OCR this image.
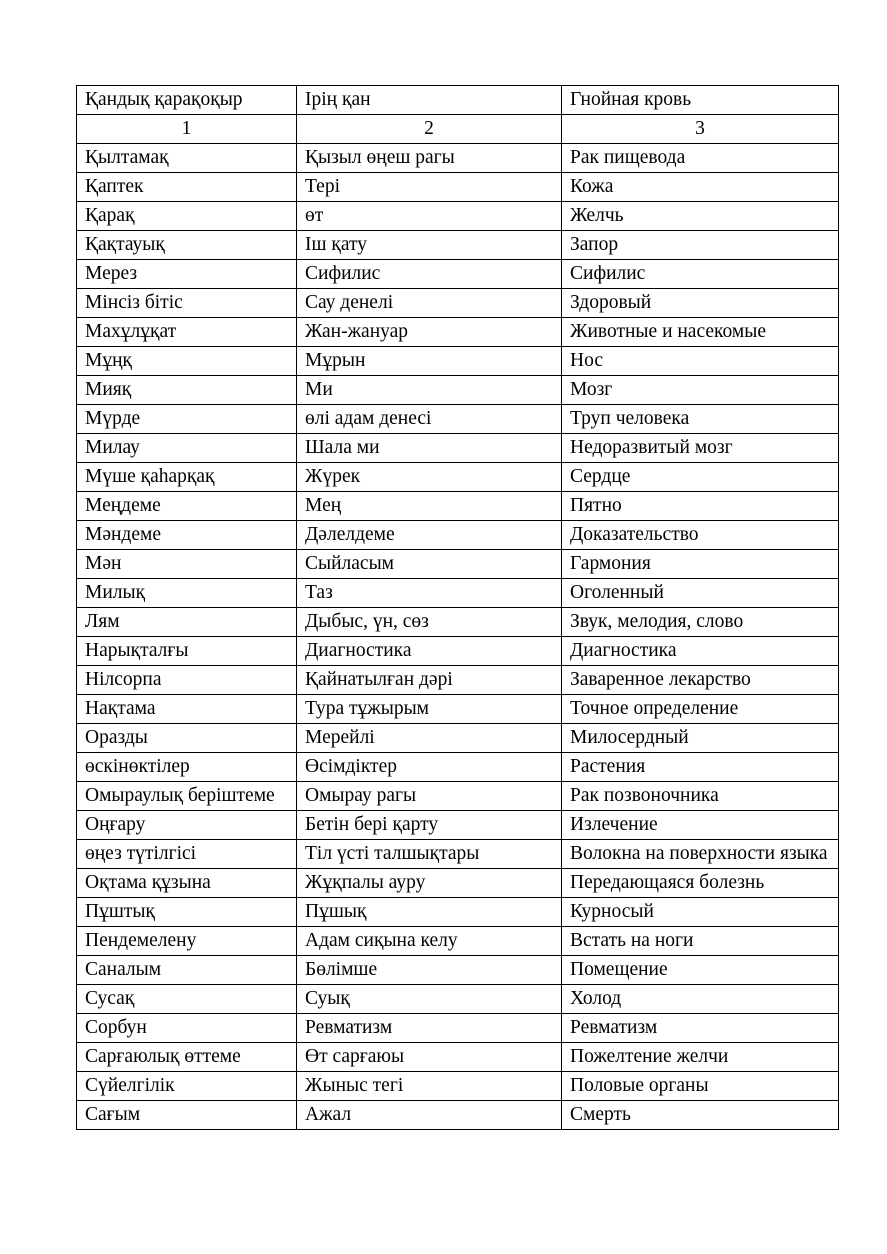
Қандық қарақоқыр	Ірің қан	Гнойная кровь
1	2	3
Қылтамақ	Қызыл өңеш рагы	Рак пищевода
Қаптек	Тері	Кожа
Қарақ	өт	Желчь
Қақтауық	Іш қату	Запор
Мерез	Сифилис	Сифилис
Мінсіз бітіс	Сау денелі	Здоровый
Махұлұқат	Жан-жануар	Животные и насекомые
Мұңқ	Мұрын	Нос
Мияқ	Ми	Мозг
Мүрде	өлі адам денесі	Труп человека
Милау	Шала ми	Недоразвитый мозг
Мүше қаһарқақ	Жүрек	Сердце
Меңдеме	Мең	Пятно
Мәндеме	Дәлелдеме	Доказательство
Мән	Сыйласым	Гармония
Милық	Таз	Оголенный
Лям	Дыбыс, үн, сөз	Звук, мелодия, слово
Нарықталғы	Диагностика	Диагностика
Нілсорпа	Қайнатылған дәрі	Заваренное лекарство
Нақтама	Тура тұжырым	Точное определение
Оразды	Мерейлі	Милосердный
өскінөктілер	Өсімдіктер	Растения
Омыраулық беріштеме	Омырау рагы	Рак позвоночника
Оңғару	Бетін бері қарту	Излечение
өңез түтілгісі	Тіл үсті талшықтары	Волокна на поверхности языка
Оқтама құзына	Жұқпалы ауру	Передающаяся болезнь
Пұштық	Пұшық	Курносый
Пендемелену	Адам сиқына келу	Встать на ноги
Саналым	Бөлімше	Помещение
Сусақ	Суық	Холод
Сорбун	Ревматизм	Ревматизм
Сарғаюлық өттеме	Өт сарғаюы	Пожелтение желчи
Сүйелгілік	Жыныс тегі	Половые органы
Сағым	Ажал	Смерть
